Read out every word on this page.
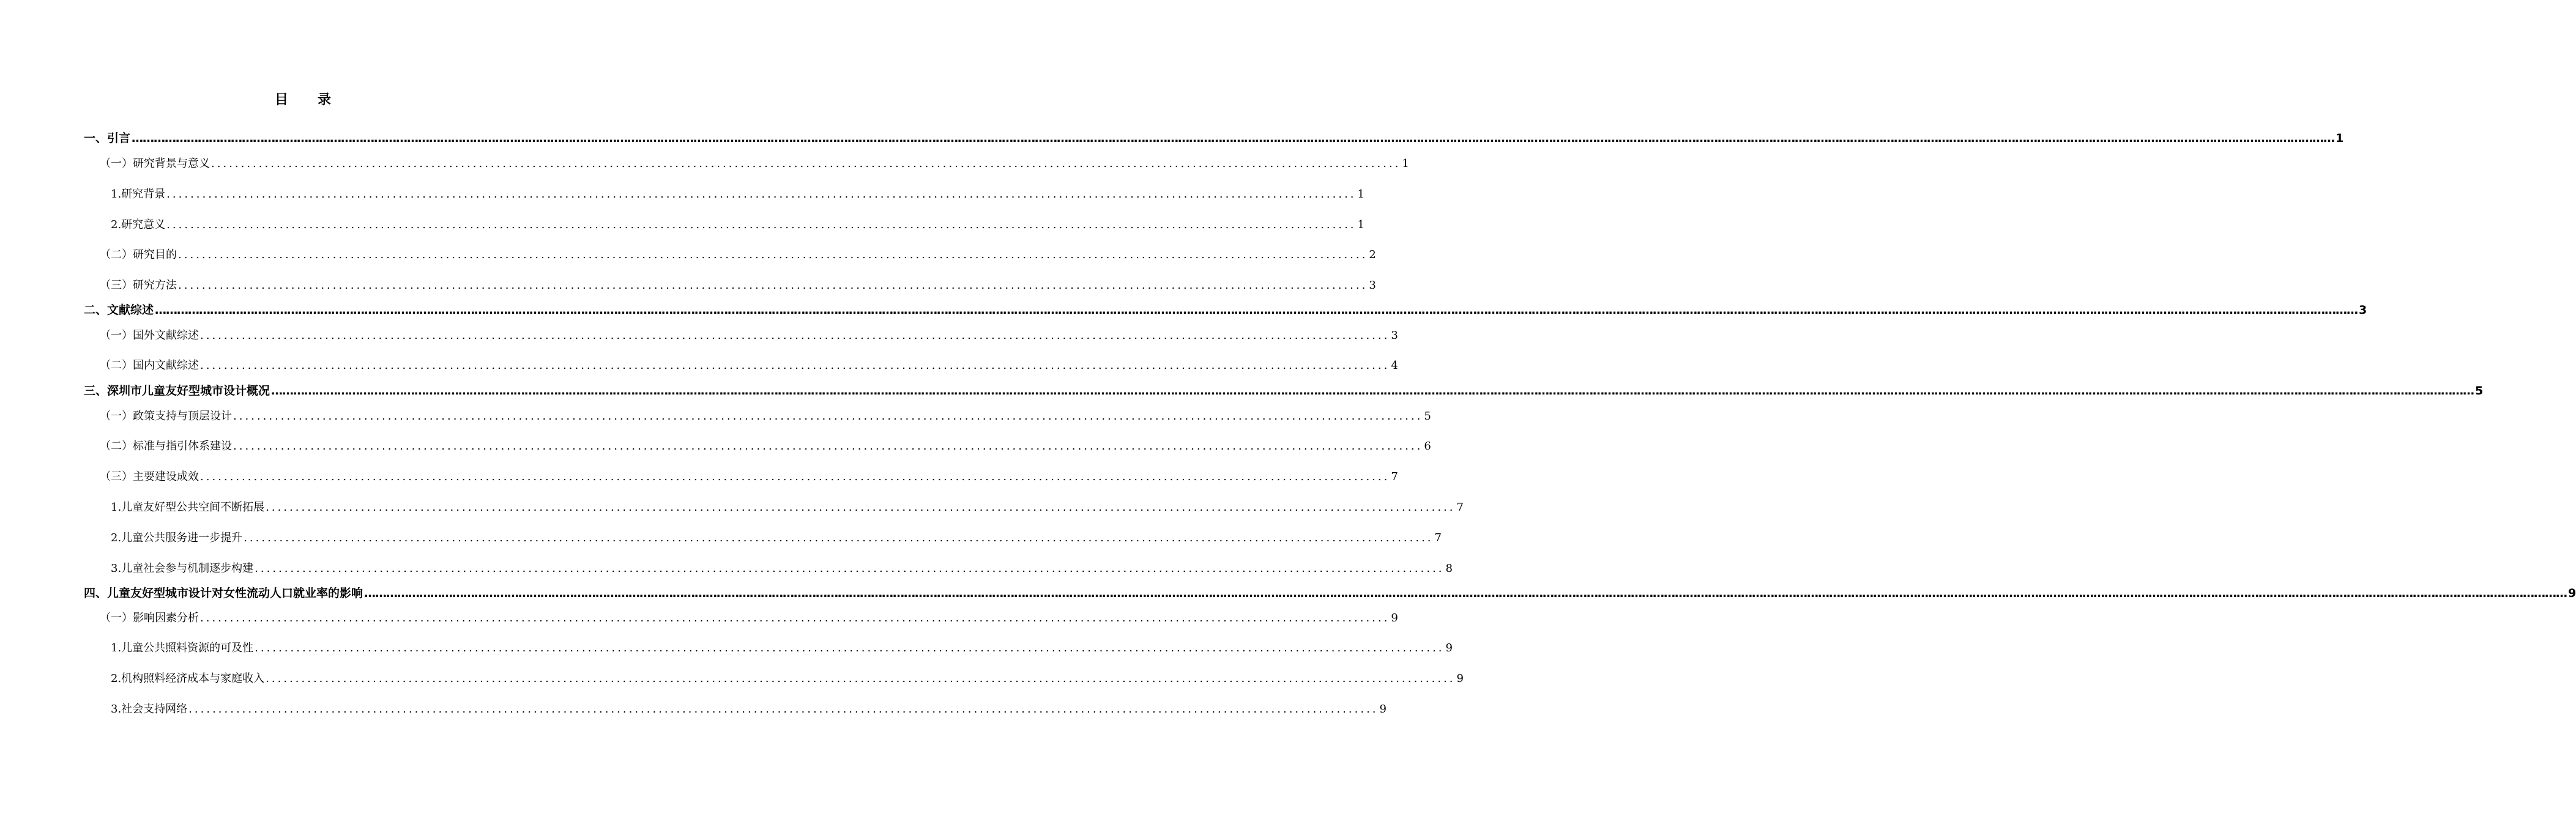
目 录
一、引言 …………………………………………………………………………………………………………………………………………………………………………………………………………………………………………………………………………………………………………………………………………………………………………………………………………………………………………………………………………………………………………………………………………………… 1
（一）研究背景与意义 ........................................................................................................................................................................................................ 1
1.研究背景 ........................................................................................................................................................................................................ 1
2.研究意义 ........................................................................................................................................................................................................ 1
（二）研究目的 ........................................................................................................................................................................................................ 2
（三）研究方法 ........................................................................................................................................................................................................ 3
二、文献综述 …………………………………………………………………………………………………………………………………………………………………………………………………………………………………………………………………………………………………………………………………………………………………………………………………………………………………………………………………………………………………………………………………………………… 3
（一）国外文献综述 ........................................................................................................................................................................................................ 3
（二）国内文献综述 ........................................................................................................................................................................................................ 4
三、深圳市儿童友好型城市设计概况 …………………………………………………………………………………………………………………………………………………………………………………………………………………………………………………………………………………………………………………………………………………………………………………………………………………………………………………………………………………………………………………………………………………… 5
（一）政策支持与顶层设计 ........................................................................................................................................................................................................ 5
（二）标准与指引体系建设 ........................................................................................................................................................................................................ 6
（三）主要建设成效 ........................................................................................................................................................................................................ 7
1.儿童友好型公共空间不断拓展 ........................................................................................................................................................................................................ 7
2.儿童公共服务进一步提升 ........................................................................................................................................................................................................ 7
3.儿童社会参与机制逐步构建 ........................................................................................................................................................................................................ 8
四、儿童友好型城市设计对女性流动人口就业率的影响 …………………………………………………………………………………………………………………………………………………………………………………………………………………………………………………………………………………………………………………………………………………………………………………………………………………………………………………………………………………………………………………………………………………… 9
（一）影响因素分析 ........................................................................................................................................................................................................ 9
1.儿童公共照料资源的可及性 ........................................................................................................................................................................................................ 9
2.机构照料经济成本与家庭收入 ........................................................................................................................................................................................................ 9
3.社会支持网络 ........................................................................................................................................................................................................ 9
